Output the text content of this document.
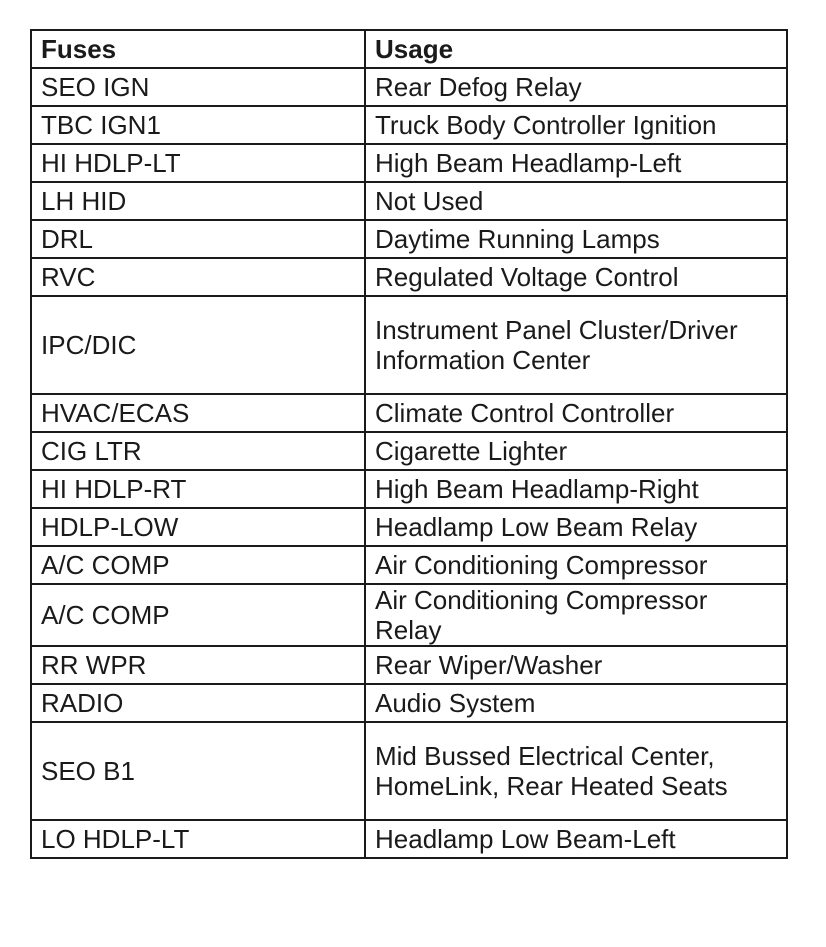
Fuses	Usage
SEO IGN	Rear Defog Relay
TBC IGN1	Truck Body Controller Ignition
HI HDLP-LT	High Beam Headlamp-Left
LH HID	Not Used
DRL	Daytime Running Lamps
RVC	Regulated Voltage Control
IPC/DIC	Instrument Panel Cluster/Driver Information Center
HVAC/ECAS	Climate Control Controller
CIG LTR	Cigarette Lighter
HI HDLP-RT	High Beam Headlamp-Right
HDLP-LOW	Headlamp Low Beam Relay
A/C COMP	Air Conditioning Compressor
A/C COMP	Air Conditioning Compressor Relay
RR WPR	Rear Wiper/Washer
RADIO	Audio System
SEO B1	Mid Bussed Electrical Center, HomeLink, Rear Heated Seats
LO HDLP-LT	Headlamp Low Beam-Left
